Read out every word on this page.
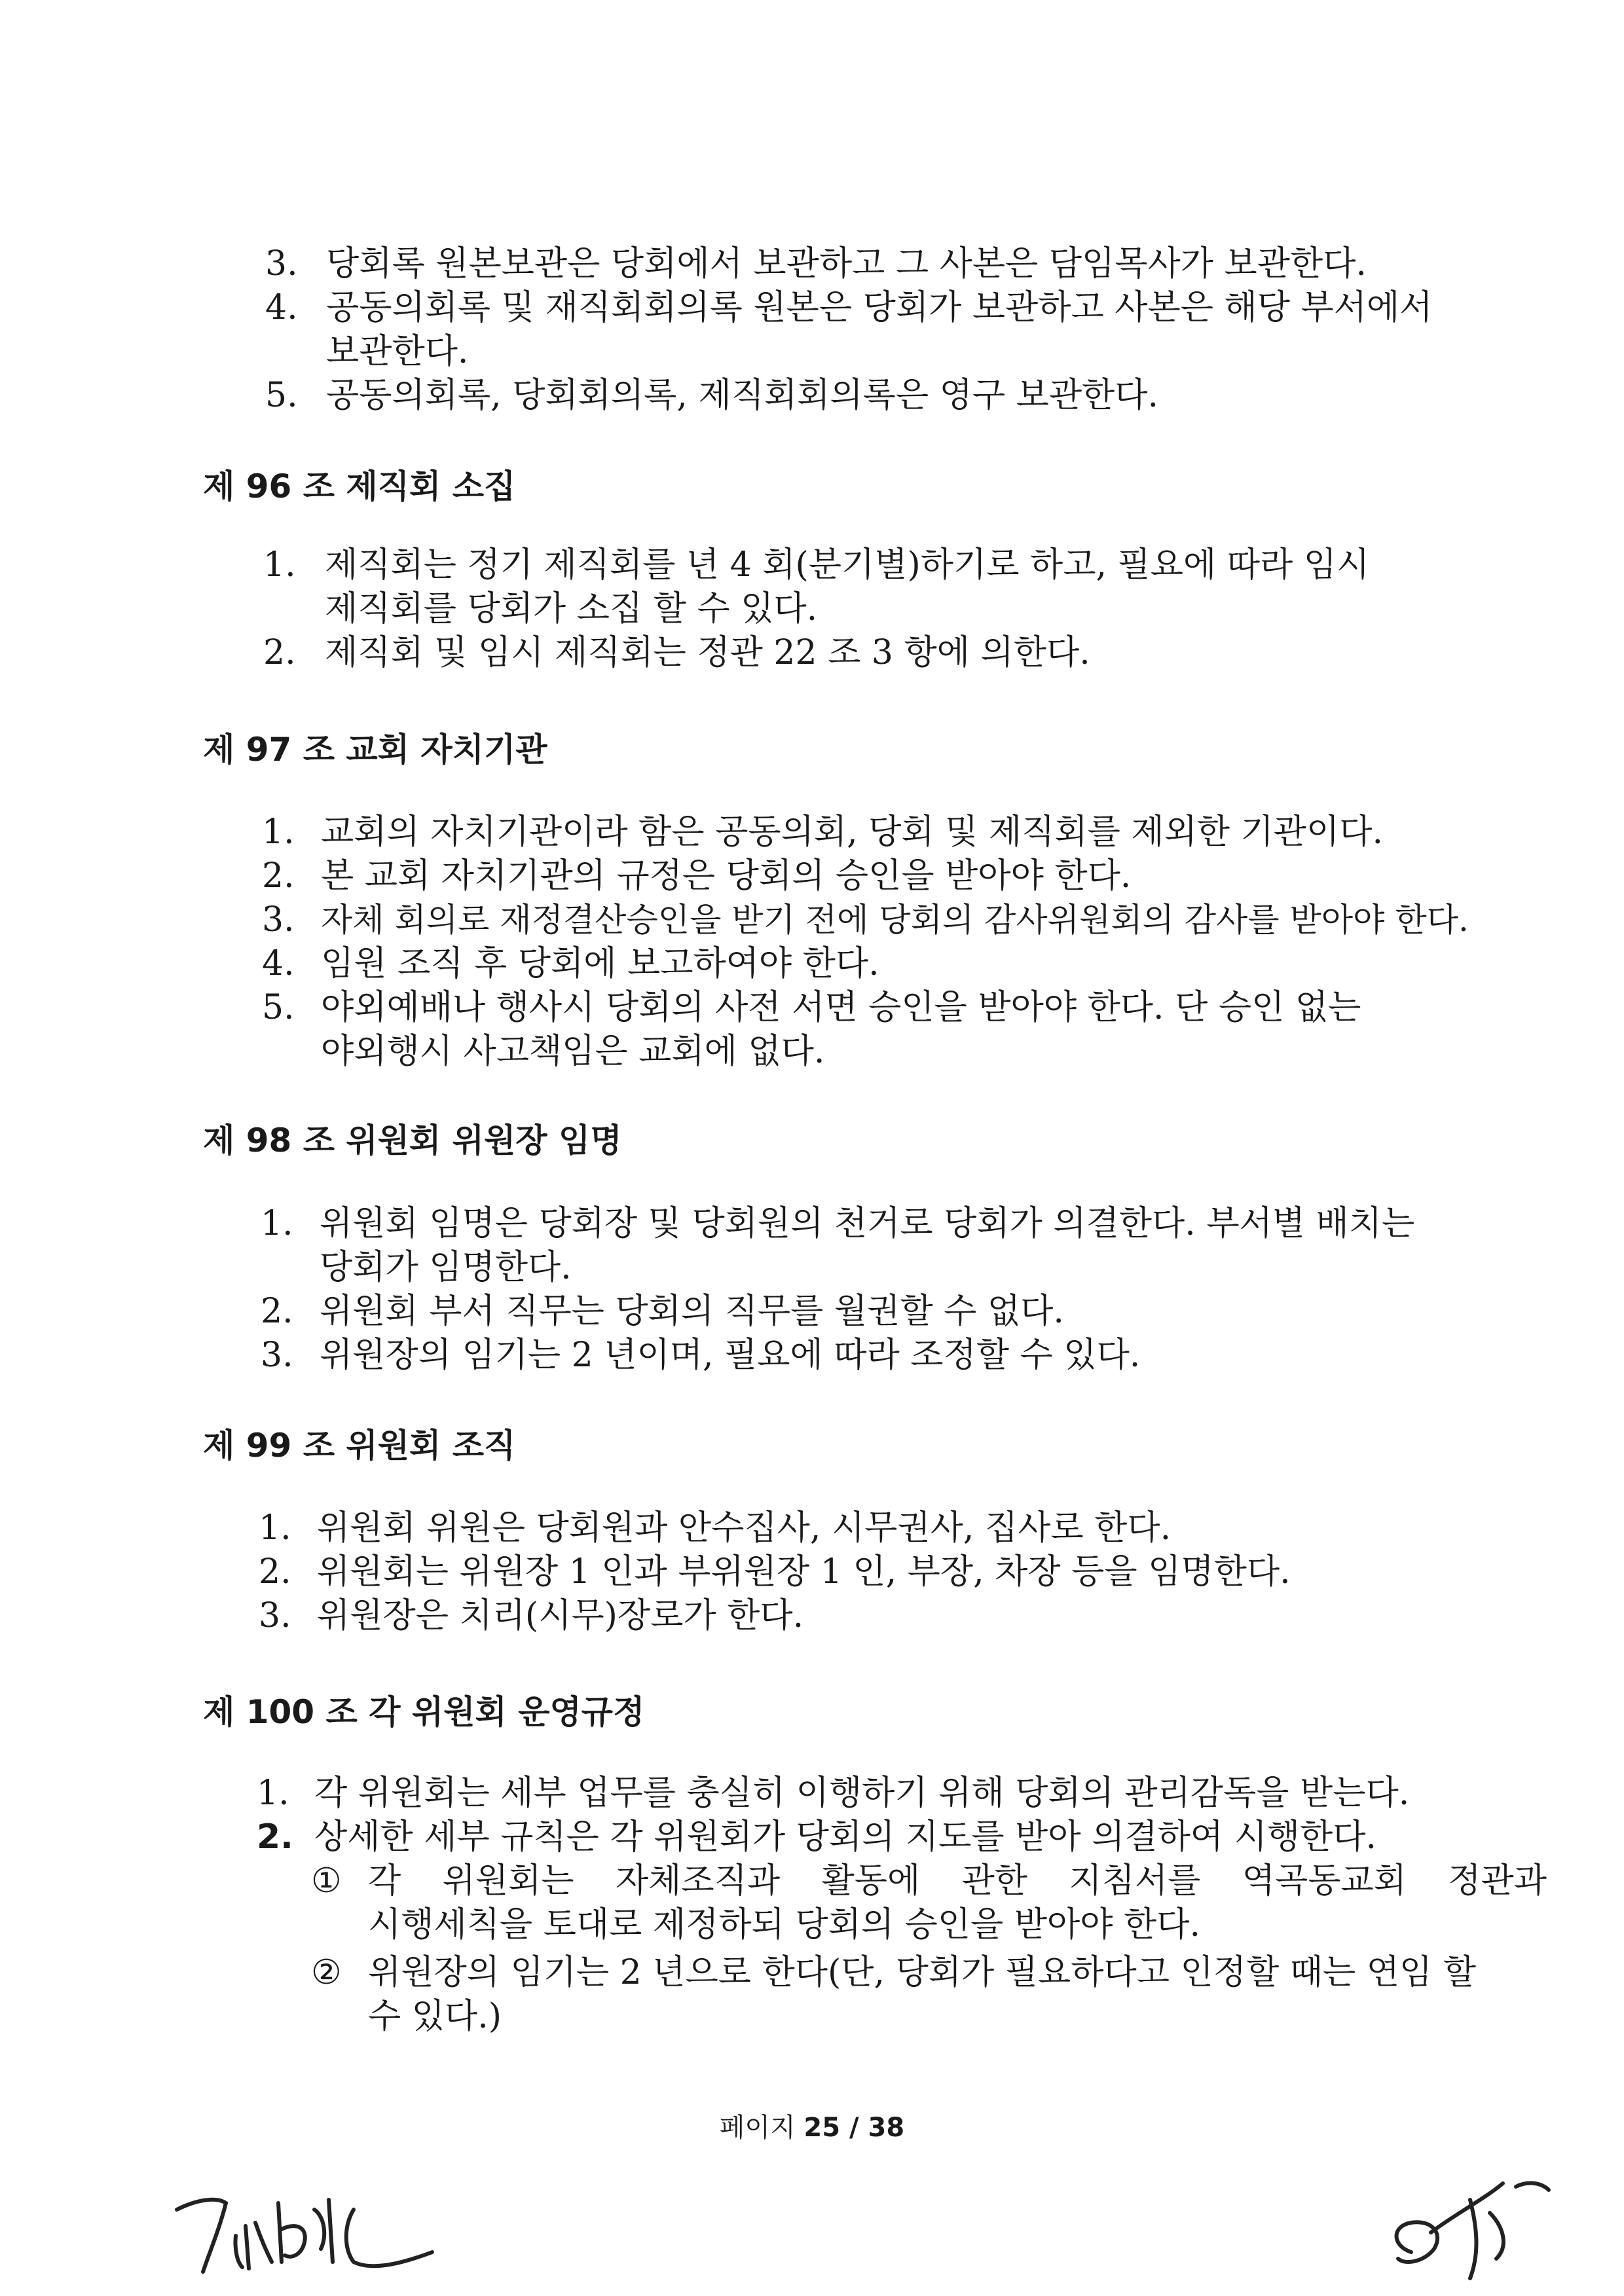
3. 당회록 원본보관은 당회에서 보관하고 그 사본은 담임목사가 보관한다.
4. 공동의회록 및 재직회회의록 원본은 당회가 보관하고 사본은 해당 부서에서
보관한다.
5. 공동의회록, 당회회의록, 제직회회의록은 영구 보관한다.
제 96 조 제직회 소집
1. 제직회는 정기 제직회를 년 4 회(분기별)하기로 하고, 필요에 따라 임시
제직회를 당회가 소집 할 수 있다.
2. 제직회 및 임시 제직회는 정관 22 조 3 항에 의한다.
제 97 조 교회 자치기관
1. 교회의 자치기관이라 함은 공동의회, 당회 및 제직회를 제외한 기관이다.
2. 본 교회 자치기관의 규정은 당회의 승인을 받아야 한다.
3. 자체 회의로 재정결산승인을 받기 전에 당회의 감사위원회의 감사를 받아야 한다.
4. 임원 조직 후 당회에 보고하여야 한다.
5. 야외예배나 행사시 당회의 사전 서면 승인을 받아야 한다. 단 승인 없는
야외행시 사고책임은 교회에 없다.
제 98 조 위원회 위원장 임명
1. 위원회 임명은 당회장 및 당회원의 천거로 당회가 의결한다. 부서별 배치는
당회가 임명한다.
2. 위원회 부서 직무는 당회의 직무를 월권할 수 없다.
3. 위원장의 임기는 2 년이며, 필요에 따라 조정할 수 있다.
제 99 조 위원회 조직
1. 위원회 위원은 당회원과 안수집사, 시무권사, 집사로 한다.
2. 위원회는 위원장 1 인과 부위원장 1 인, 부장, 차장 등을 임명한다.
3. 위원장은 치리(시무)장로가 한다.
제 100 조 각 위원회 운영규정
1. 각 위원회는 세부 업무를 충실히 이행하기 위해 당회의 관리감독을 받는다.
2. 상세한 세부 규칙은 각 위원회가 당회의 지도를 받아 의결하여 시행한다.
① 각 위원회는 자체조직과 활동에 관한 지침서를 역곡동교회 정관과
시행세칙을 토대로 제정하되 당회의 승인을 받아야 한다.
② 위원장의 임기는 2 년으로 한다(단, 당회가 필요하다고 인정할 때는 연임 할
수 있다.)
페이지 25 / 38
